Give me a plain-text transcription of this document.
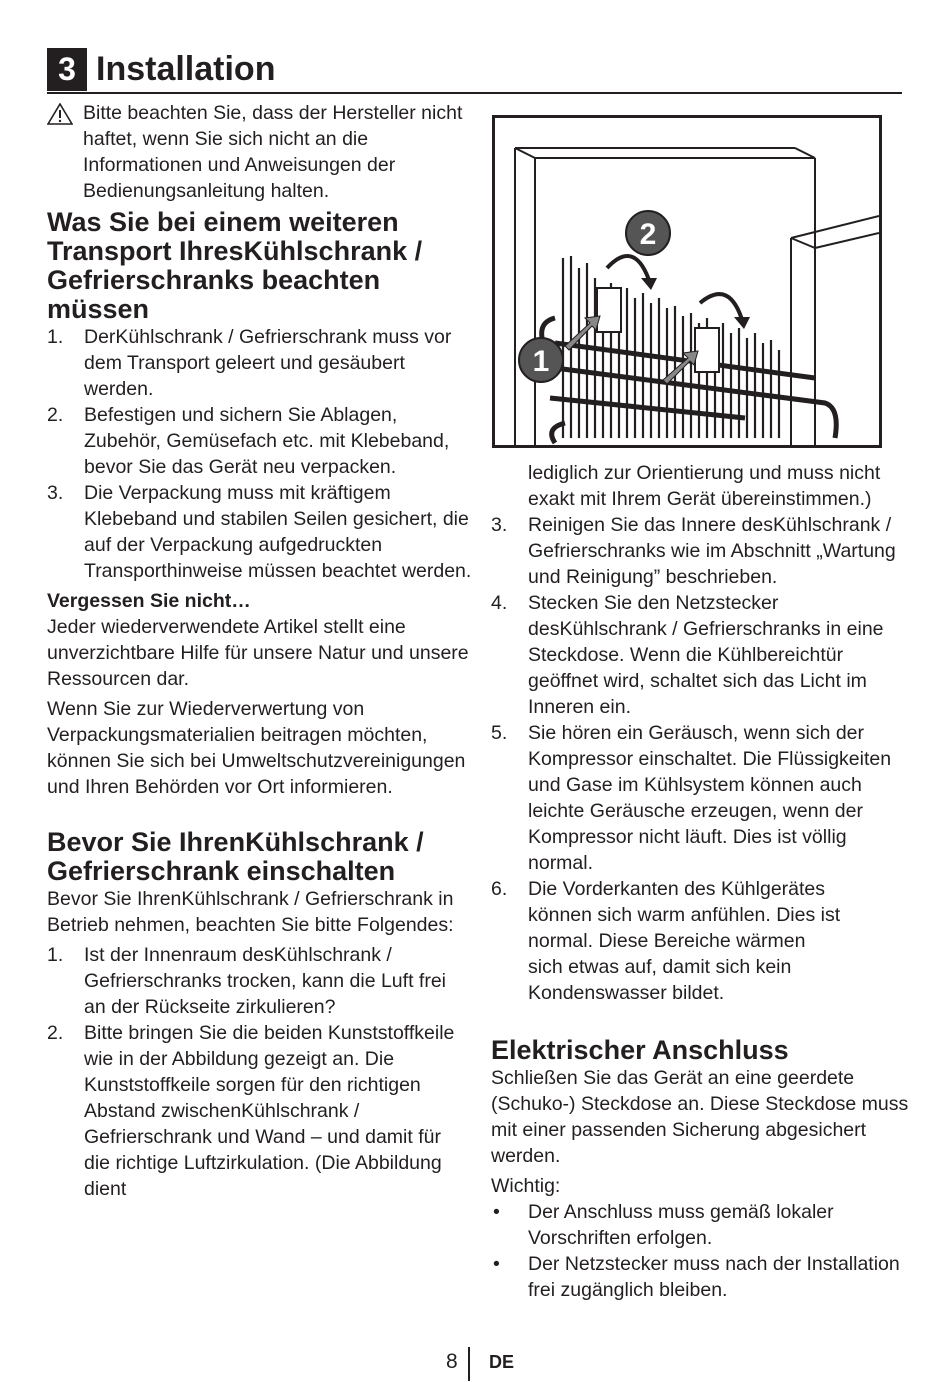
3 Installation
Bitte beachten Sie, dass der Hersteller nicht haftet, wenn Sie sich nicht an die Informationen und Anweisungen der Bedienungsanleitung halten.
Was Sie bei einem weiteren Transport IhresKühlschrank / Gefrierschranks beachten müssen
1. DerKühlschrank / Gefrierschrank muss vor dem Transport geleert und gesäubert werden.
2. Befestigen und sichern Sie Ablagen, Zubehör, Gemüsefach etc. mit Klebeband, bevor Sie das Gerät neu verpacken.
3. Die Verpackung muss mit kräftigem Klebeband und stabilen Seilen gesichert, die auf der Verpackung aufgedruckten Transporthinweise müssen beachtet werden.

Vergessen Sie nicht…

Jeder wiederverwendete Artikel stellt eine unverzichtbare Hilfe für unsere Natur und unsere Ressourcen dar.

Wenn Sie zur Wiederverwertung von Verpackungsmaterialien beitragen möchten, können Sie sich bei Umweltschutzvereinigungen und Ihren Behörden vor Ort informieren.

Bevor Sie IhrenKühlschrank / Gefrierschrank einschalten

Bevor Sie IhrenKühlschrank / Gefrierschrank in Betrieb nehmen, beachten Sie bitte Folgendes:

1. Ist der Innenraum desKühlschrank / Gefrierschranks trocken, kann die Luft frei an der Rückseite zirkulieren?
2. Bitte bringen Sie die beiden Kunststoffkeile wie in der Abbildung gezeigt an. Die Kunststoffkeile sorgen für den richtigen Abstand zwischenKühlschrank / Gefrierschrank und Wand – und damit für die richtige Luftzirkulation. (Die Abbildung dient
2
1

lediglich zur Orientierung und muss nicht exakt mit Ihrem Gerät übereinstimmen.)

3. Reinigen Sie das Innere desKühlschrank / Gefrierschranks wie im Abschnitt „Wartung und Reinigung” beschrieben.
4. Stecken Sie den Netzstecker desKühlschrank / Gefrierschranks in eine Steckdose. Wenn die Kühlbereichtür geöffnet wird, schaltet sich das Licht im Inneren ein.
5. Sie hören ein Geräusch, wenn sich der Kompressor einschaltet. Die Flüssigkeiten und Gase im Kühlsystem können auch leichte Geräusche erzeugen, wenn der Kompressor nicht läuft. Dies ist völlig normal.
6. Die Vorderkanten des Kühlgerätes können sich warm anfühlen. Dies ist normal. Diese Bereiche wärmen sich etwas auf, damit sich kein Kondenswasser bildet.
Elektrischer Anschluss

Schließen Sie das Gerät an eine geerdete (Schuko-) Steckdose an. Diese Steckdose muss mit einer passenden Sicherung abgesichert werden.

Wichtig:

• Der Anschluss muss gemäß lokaler Vorschriften erfolgen.
• Der Netzstecker muss nach der Installation frei zugänglich bleiben.
8 DE
